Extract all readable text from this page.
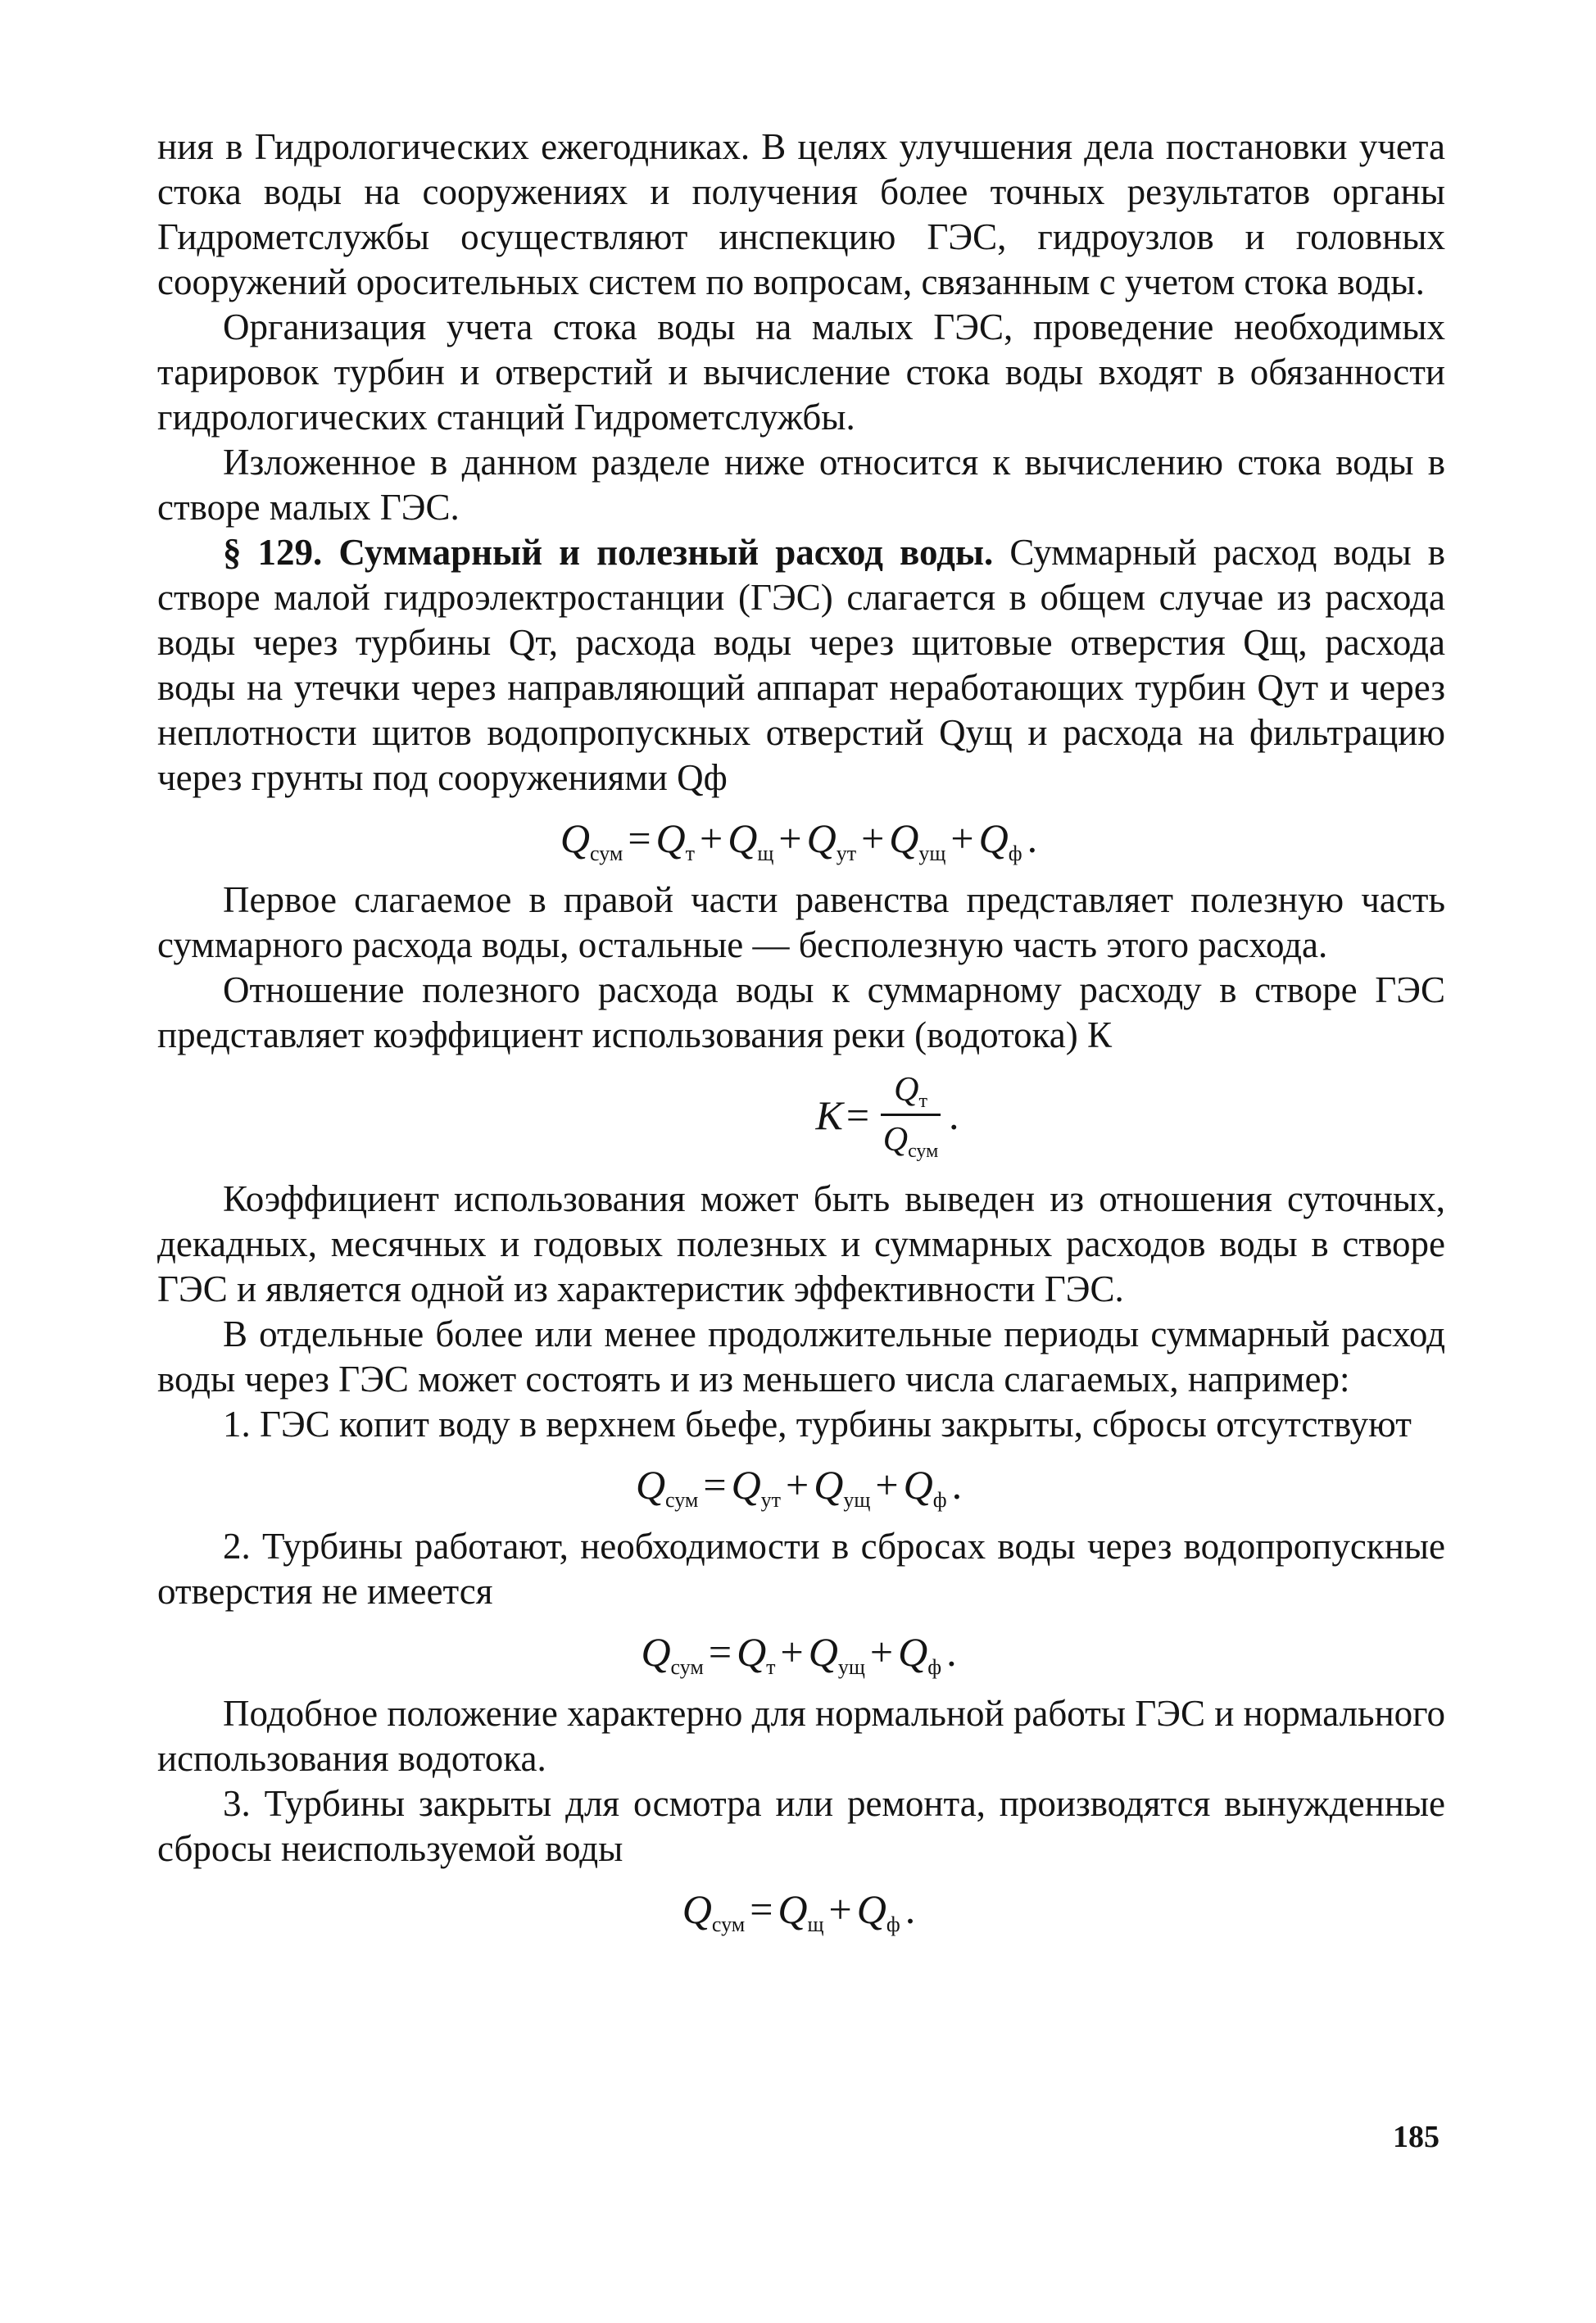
ния в Гидрологических ежегодниках. В целях улучшения дела постановки учета стока воды на сооружениях и получения более точных результатов органы Гидрометслужбы осуществляют инспекцию ГЭС, гидроузлов и головных сооружений оросительных систем по вопросам, связанным с учетом стока воды.

Организация учета стока воды на малых ГЭС, проведение необходимых тарировок турбин и отверстий и вычисление стока воды входят в обязанности гидрологических станций Гидрометслужбы.

Изложенное в данном разделе ниже относится к вычислению стока воды в створе малых ГЭС.

§ 129. Суммарный и полезный расход воды. Суммарный расход воды в створе малой гидроэлектростанции (ГЭС) слагается в общем случае из расхода воды через турбины Qт, расхода воды через щитовые отверстия Qщ, расхода воды на утечки через направляющий аппарат неработающих турбин Qут и через неплотности щитов водопропускных отверстий Qущ и расхода на фильтрацию через грунты под сооружениями Qф

$Q_{сум} = Q_т + Q_щ + Q_{ут} + Q_{ущ} + Q_ф$ .

Первое слагаемое в правой части равенства представляет полезную часть суммарного расхода воды, остальные — бесполезную часть этого расхода.

Отношение полезного расхода воды к суммарному расходу в створе ГЭС представляет коэффициент использования реки (водотока) К

$K = \frac{Q_т}{Q_{сум}}$ .

Коэффициент использования может быть выведен из отношения суточных, декадных, месячных и годовых полезных и суммарных расходов воды в створе ГЭС и является одной из характеристик эффективности ГЭС.

В отдельные более или менее продолжительные периоды суммарный расход воды через ГЭС может состоять и из меньшего числа слагаемых, например:

1. ГЭС копит воду в верхнем бьефе, турбины закрыты, сбросы отсутствуют

$Q_{сум} = Q_{ут} + Q_{ущ} + Q_ф$ .

2. Турбины работают, необходимости в сбросах воды через водопропускные отверстия не имеется

$Q_{сум} = Q_т + Q_{ущ} + Q_ф$ .

Подобное положение характерно для нормальной работы ГЭС и нормального использования водотока.

3. Турбины закрыты для осмотра или ремонта, производятся вынужденные сбросы неиспользуемой воды

$Q_{сум} = Q_щ + Q_ф$ .
185
